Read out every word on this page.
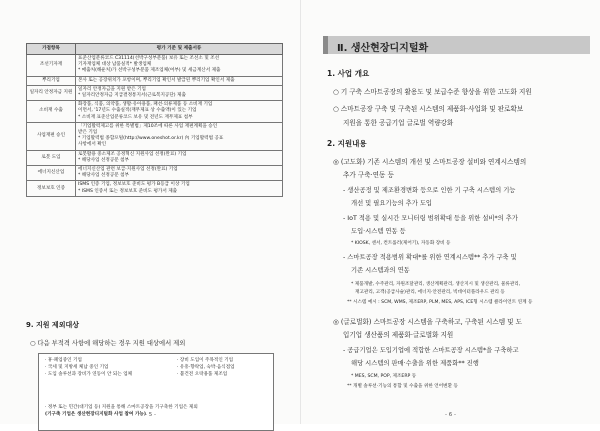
가점항목	평가 기준 및 제출서류
조선기자재	표준산업분류코드 C31114(선박구성부분품) 보유 또는 조선소 및 조선
기자재업체 대상 납품실적* 발생업체
* 매출처(해운처)가 선박구성부분품 제조업체(여부) 및 세금계산서 제출

뿌리기업	본사 또는 공장위치가 포항이며, 뿌리기업 확인서 발급된 뿌리기업 확인서 제출

일자리 안정자금 지원	일자리 안정자금을 지원 받은 기업
* 일자리안정자금 지급결정통지서(근로복지공단) 제출

소비재 수출	화장품, 식품, 의약품, 생활·유아용품, 패션·의류제품 등 소비재 기업
이면서, '17년도 수출실적(재무제표 상 수출액)이 있는 기업
* 소비재 표준산업분류코드 보유 및 전년도 재무제표 첨부

사업재편 승인	「기업활력제고를 위한 특별법」제10조에 따른 사업 재편계획을 승인
받은 기업
* 기업활력법 종합포털(http://www.oneshot.or.kr) 內 기업활력법 공표
사항에서 확인

로봇 도입	로봇활용 중소제조 공정혁신 지원사업 선정(완료) 기업
* 해당사업 선정공문 첨부

에너지신산업	에너지신산업 관련 보급·지원사업 선정(완료) 기업
* 해당사업 선정공문 첨부

정보보호 인증	ISMS 인증 기업, 정보보호 준비도 평가 B등급 이상 기업
* ISMS 인증서 또는 정보보호 준비도 평가서 제출
9. 지원 제외대상
○ 다음 부적격 사항에 해당하는 경우 지원 대상에서 제외
· 휴·폐업중인 기업
· 국세 및 지방세 체납 중인 기업
· 도입 솔루션과 장비가 연동이 안 되는 업체
· 장비 도입이 주목적인 기업
· 유흥·향락업, 숙박·음식점업
· 불건전 오락용품 제조업
· 정부 또는 민간(대기업 등) 지원을 통해 스마트공장을 기구축한 기업은 제외
(기구축 기업은 생산현장디지털화 사업 참여 가능) - 5 -
Ⅱ. 생산현장디지털화
1. 사업 개요
○ 기 구축 스마트공장의 활용도 및 보급수준 향상을 위한 고도화 지원
○ 스마트공장 구축 및 구축된 시스템의 제품화·사업화 및 판로확보
지원을 통한 공급기업 글로벌 역량강화
2. 지원내용
◎ (고도화) 기존 시스템의 개선 및 스마트공장 설비와 연계시스템의
추가 구축·연동 등
- 생산공정 및 제조환경변화 등으로 인한 기 구축 시스템의 기능
개선 및 필요기능의 추가 도입
- IoT 적용 및 실시간 모니터링 범위확대 등을 위한 설비*의 추가
도입·시스템 연동 등
* KIOSK, 센서, 컨트롤러(제어기), 자동화 장비 등
- 스마트공장 적용범위 확대*를 위한 연계시스템** 추가 구축 및
기존 시스템과의 연동
* 제품개발, 수주관리, 자원조달관리, 생산계획관리, 생산지시 및 생산관리, 물류관리,
재고관리, 고객(공급사슬)관리, 에너지·안전관리, 빅데이터플라우드 관리 등
** 시스템 예시 : SCM, WMS, 제조ERP, PLM, MES, APS, ICE형 시스템 클라이언트 연계 등
◎ (글로벌화) 스마트공장 시스템을 구축하고, 구축된 시스템 및 도
입기업 생산품의 제품화·글로벌화 지원
- 공급기업은 도입기업에 적합한 스마트공장 시스템*을 구축하고
해당 시스템의 판매·수출을 위한 제품화** 진행
* MES, SCM, POP, 제조ERP 등
** 개별 솔루션·기능의 통합 및 수출을 위한 언어변환 등
- 6 -
